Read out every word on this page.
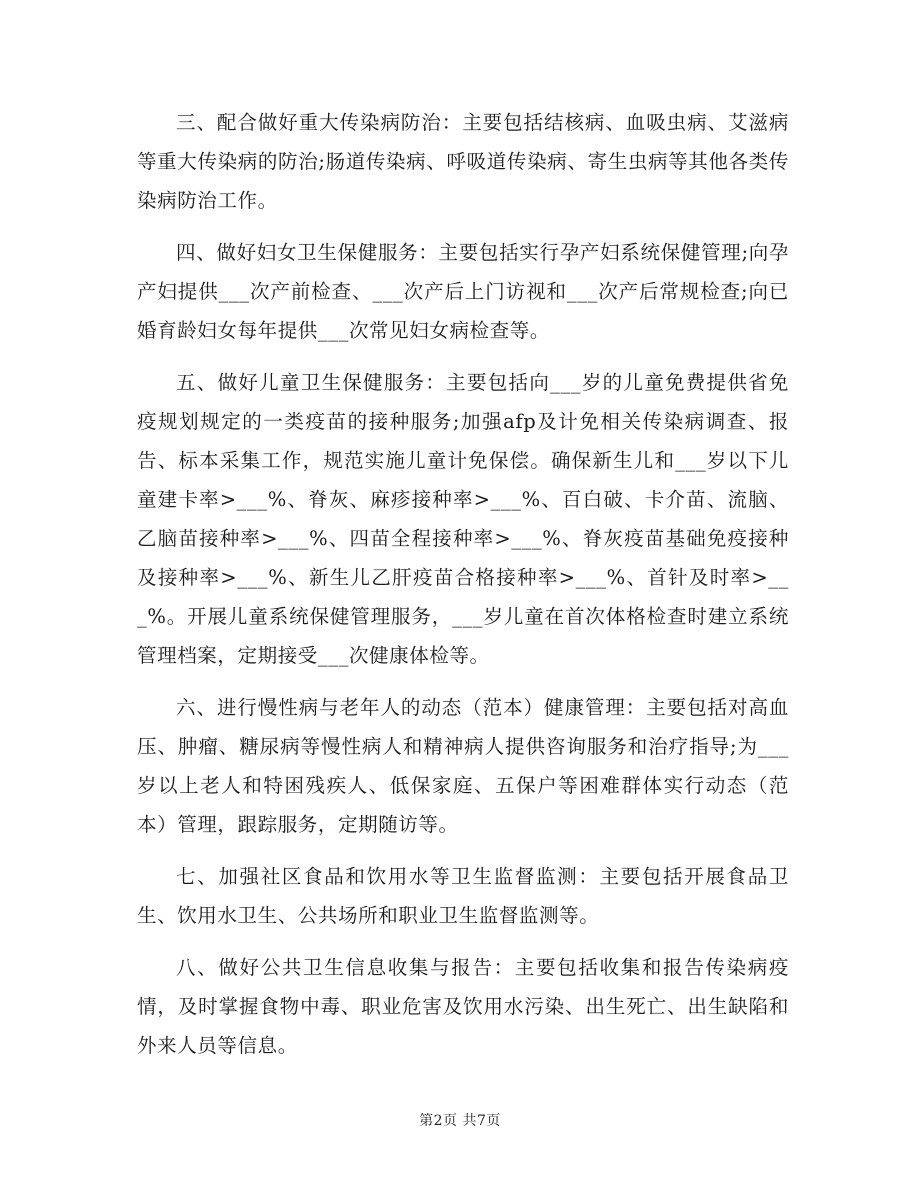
三、配合做好重大传染病防治：主要包括结核病、血吸虫病、艾滋病等重大传染病的防治;肠道传染病、呼吸道传染病、寄生虫病等其他各类传染病防治工作。

四、做好妇女卫生保健服务：主要包括实行孕产妇系统保健管理;向孕产妇提供___次产前检查、___次产后上门访视和___次产后常规检查;向已婚育龄妇女每年提供___次常见妇女病检查等。

五、做好儿童卫生保健服务：主要包括向___岁的儿童免费提供省免疫规划规定的一类疫苗的接种服务;加强afp及计免相关传染病调查、报告、标本采集工作，规范实施儿童计免保偿。确保新生儿和___岁以下儿童建卡率>___%、脊灰、麻疹接种率>___%、百白破、卡介苗、流脑、乙脑苗接种率>___%、四苗全程接种率>___%、脊灰疫苗基础免疫接种及接种率>___%、新生儿乙肝疫苗合格接种率>___%、首针及时率>___%。开展儿童系统保健管理服务，___岁儿童在首次体格检查时建立系统管理档案，定期接受___次健康体检等。

六、进行慢性病与老年人的动态（范本）健康管理：主要包括对高血压、肿瘤、糖尿病等慢性病人和精神病人提供咨询服务和治疗指导;为___岁以上老人和特困残疾人、低保家庭、五保户等困难群体实行动态（范本）管理，跟踪服务，定期随访等。

七、加强社区食品和饮用水等卫生监督监测：主要包括开展食品卫生、饮用水卫生、公共场所和职业卫生监督监测等。

八、做好公共卫生信息收集与报告：主要包括收集和报告传染病疫情，及时掌握食物中毒、职业危害及饮用水污染、出生死亡、出生缺陷和外来人员等信息。

第2页 共7页
